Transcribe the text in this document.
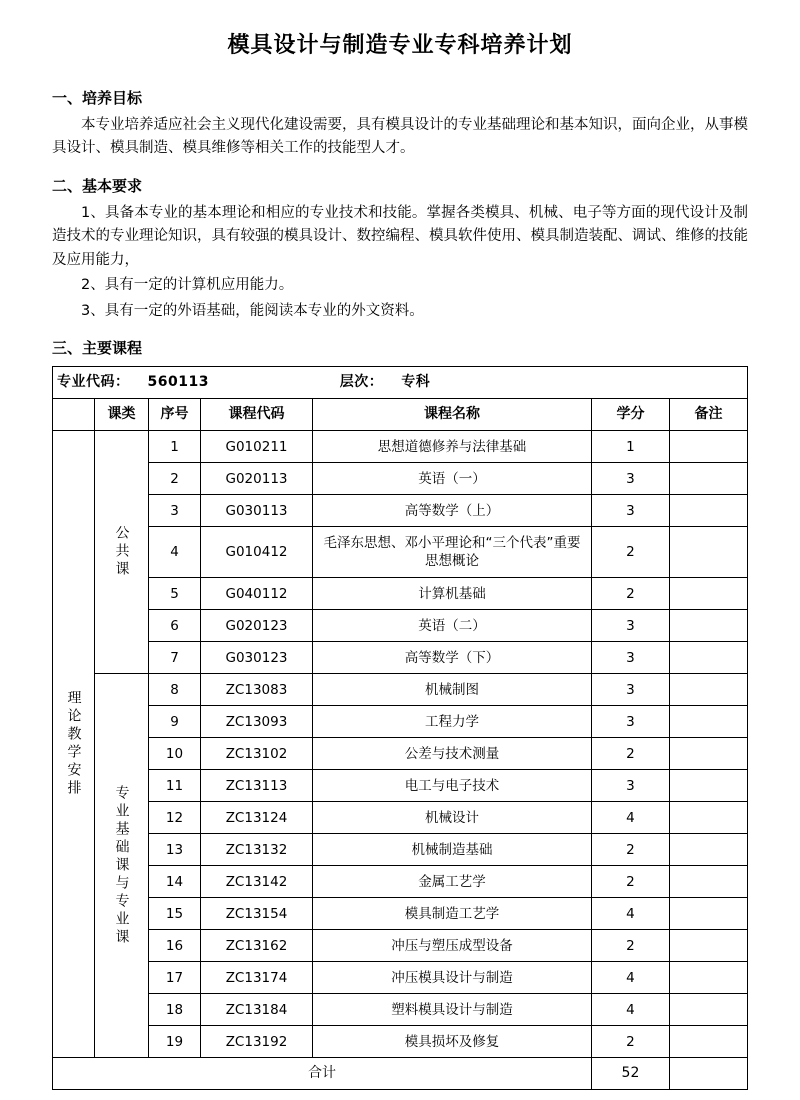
模具设计与制造专业专科培养计划
一、培养目标

本专业培养适应社会主义现代化建设需要，具有模具设计的专业基础理论和基本知识，面向企业，从事模具设计、模具制造、模具维修等相关工作的技能型人才。

二、基本要求

1、具备本专业的基本理论和相应的专业技术和技能。掌握各类模具、机械、电子等方面的现代设计及制造技术的专业理论知识，具有较强的模具设计、数控编程、模具软件使用、模具制造装配、调试、维修的技能及应用能力，

2、具有一定的计算机应用能力。

3、具有一定的外语基础，能阅读本专业的外文资料。

三、主要课程
专业代码： 560113 层次： 专科						
	课类	序号	课程代码	课程名称	学分	备注

理论教学安排	公共课	1	G010211	思想道德修养与法律基础	1	
		2	G020113	英语（一）	3	
		3	G030113	高等数学（上）	3	
		4	G010412	毛泽东思想、邓小平理论和“三个代表”重要思想概论	2	
		5	G040112	计算机基础	2	
		6	G020123	英语（二）	3	
		7	G030123	高等数学（下）	3	

	专业基础课与专业课	8	ZC13083	机械制图	3	
		9	ZC13093	工程力学	3	
		10	ZC13102	公差与技术测量	2	
		11	ZC13113	电工与电子技术	3	
		12	ZC13124	机械设计	4	
		13	ZC13132	机械制造基础	2	
		14	ZC13142	金属工艺学	2	
		15	ZC13154	模具制造工艺学	4	
		16	ZC13162	冲压与塑压成型设备	2	
		17	ZC13174	冲压模具设计与制造	4	
		18	ZC13184	塑料模具设计与制造	4	
		19	ZC13192	模具损坏及修复	2	
合计					52	
